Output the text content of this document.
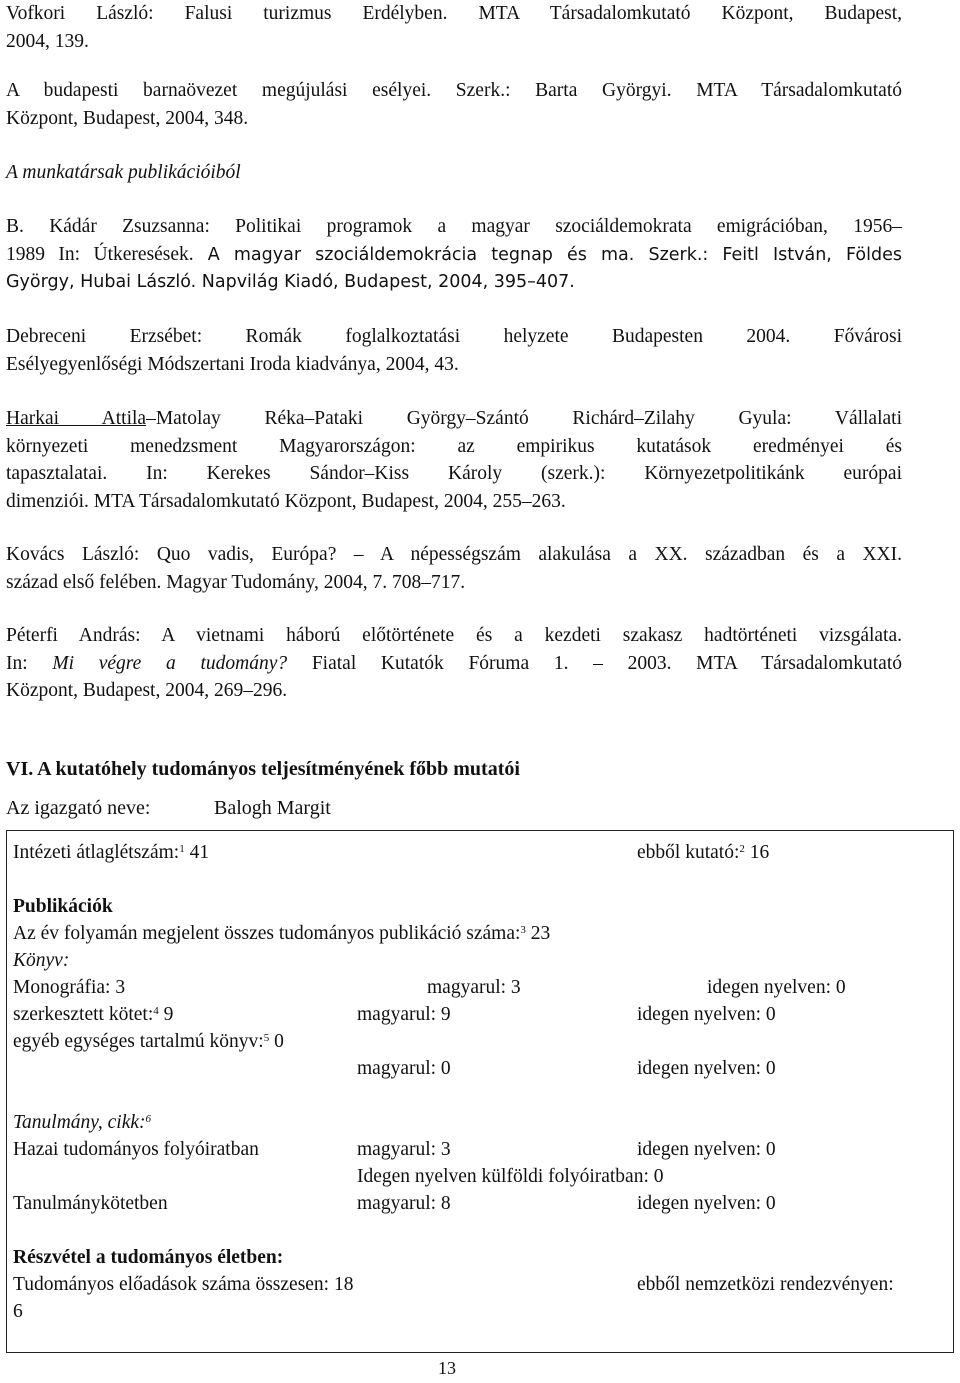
Vofkori László: Falusi turizmus Erdélyben. MTA Társadalomkutató Központ, Budapest,
2004, 139.
A budapesti barnaövezet megújulási esélyei. Szerk.: Barta Györgyi. MTA Társadalomkutató
Központ, Budapest, 2004, 348.
A munkatársak publikációiból
B. Kádár Zsuzsanna: Politikai programok a magyar szociáldemokrata emigrációban, 1956–
1989 In: Útkeresések. A magyar szociáldemokrácia tegnap és ma. Szerk.: Feitl István, Földes
György, Hubai László. Napvilág Kiadó, Budapest, 2004, 395–407.
Debreceni Erzsébet: Romák foglalkoztatási helyzete Budapesten 2004. Fővárosi
Esélyegyenlőségi Módszertani Iroda kiadványa, 2004, 43.
Harkai Attila–Matolay Réka–Pataki György–Szántó Richárd–Zilahy Gyula: Vállalati
környezeti menedzsment Magyarországon: az empirikus kutatások eredményei és
tapasztalatai. In: Kerekes Sándor–Kiss Károly (szerk.): Környezetpolitikánk európai
dimenziói. MTA Társadalomkutató Központ, Budapest, 2004, 255–263.
Kovács László: Quo vadis, Európa? – A népességszám alakulása a XX. században és a XXI.
század első felében. Magyar Tudomány, 2004, 7. 708–717.
Péterfi András: A vietnami háború előtörténete és a kezdeti szakasz hadtörténeti vizsgálata.
In: Mi végre a tudomány? Fiatal Kutatók Fóruma 1. – 2003. MTA Társadalomkutató
Központ, Budapest, 2004, 269–296.
VI. A kutatóhely tudományos teljesítményének főbb mutatói
Az igazgató neve:	Balogh Margit
Intézeti átlaglétszám:$^1$ 41	ebből kutató:$^2$ 16
Publikációk
Az év folyamán megjelent összes tudományos publikáció száma:$^3$ 23
Könyv:
Monográfia: 3	magyarul: 3	idegen nyelven: 0
szerkesztett kötet:$^4$ 9	magyarul: 9	idegen nyelven: 0
egyéb egységes tartalmú könyv:$^5$ 0
magyarul: 0	idegen nyelven: 0
Tanulmány, cikk:$^6$
Hazai tudományos folyóiratban	magyarul: 3	idegen nyelven: 0
Idegen nyelven külföldi folyóiratban: 0
Tanulmánykötetben	magyarul: 8	idegen nyelven: 0
Részvétel a tudományos életben:
Tudományos előadások száma összesen: 18	ebből nemzetközi rendezvényen:
6
13
